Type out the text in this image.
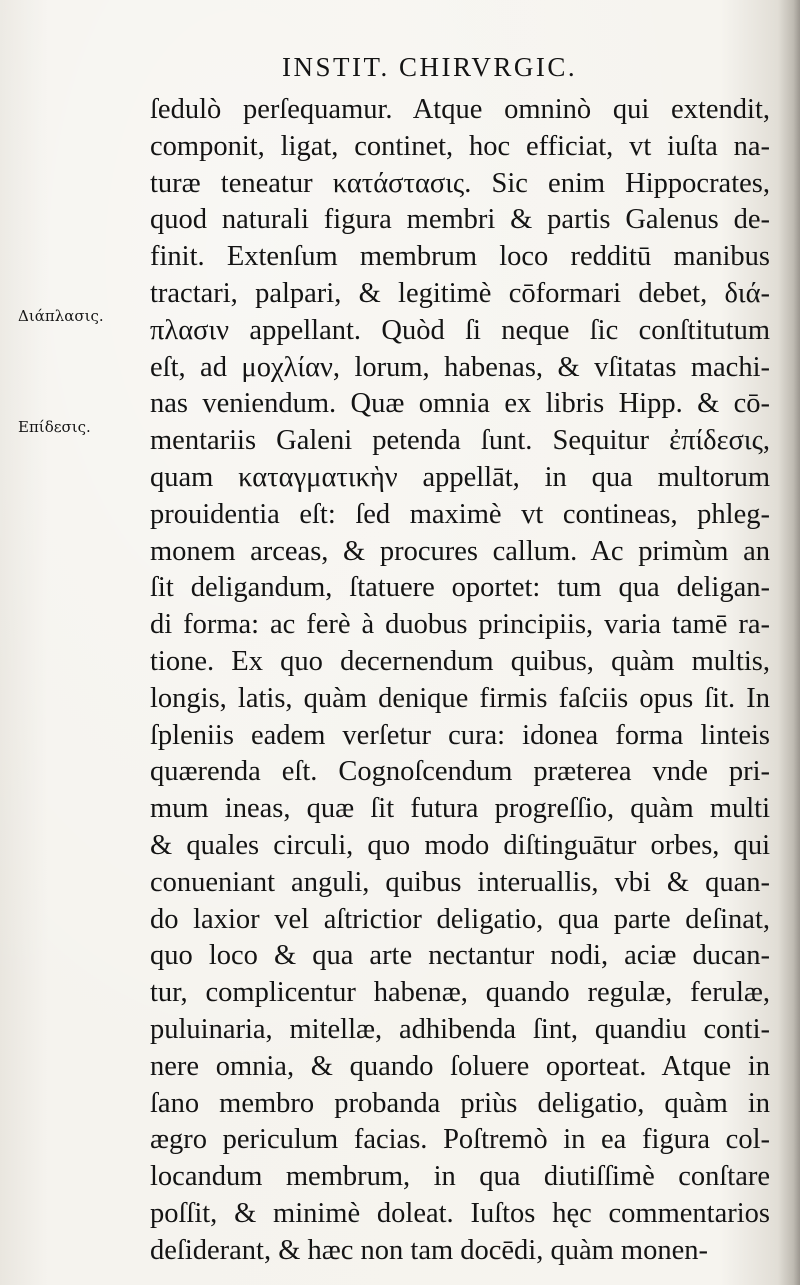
INSTIT. CHIRVRGIC.

Διάπλασις.

Επίδεσις.

ſedulò perſequamur. Atque omninò qui extendit,
componit, ligat, continet, hoc efficiat, vt iuſta na-
turæ teneatur κατάστασις. Sic enim Hippocrates,
quod naturali figura membri & partis Galenus de-
finit. Extenſum membrum loco redditū manibus
tractari, palpari, & legitimè cōformari debet, διά-
πλασιν appellant. Quòd ſi neque ſic conſtitutum
eſt, ad μοχλίαν, lorum, habenas, & vſitatas machi-
nas veniendum. Quæ omnia ex libris Hipp. & cō-
mentariis Galeni petenda ſunt. Sequitur ἐπίδεσις,
quam καταγματικὴν appellāt, in qua multorum
prouidentia eſt: ſed maximè vt contineas, phleg-
monem arceas, & procures callum. Ac primùm an
ſit deligandum, ſtatuere oportet: tum qua deligan-
di forma: ac ferè à duobus principiis, varia tamē ra-
tione. Ex quo decernendum quibus, quàm multis,
longis, latis, quàm denique firmis faſciis opus ſit. In
ſpleniis eadem verſetur cura: idonea forma linteis
quærenda eſt. Cognoſcendum præterea vnde pri-
mum ineas, quæ ſit futura progreſſio, quàm multi
& quales circuli, quo modo diſtinguātur orbes, qui
conueniant anguli, quibus interuallis, vbi & quan-
do laxior vel aſtrictior deligatio, qua parte deſinat,
quo loco & qua arte nectantur nodi, aciæ ducan-
tur, complicentur habenæ, quando regulæ, ferulæ,
puluinaria, mitellæ, adhibenda ſint, quandiu conti-
nere omnia, & quando ſoluere oporteat. Atque in
ſano membro probanda priùs deligatio, quàm in
ægro periculum facias. Poſtremò in ea figura col-
locandum membrum, in qua diutiſſimè conſtare
poſſit, & minimè doleat. Iuſtos hęc commentarios
deſiderant, & hæc non tam docēdi, quàm monen-
